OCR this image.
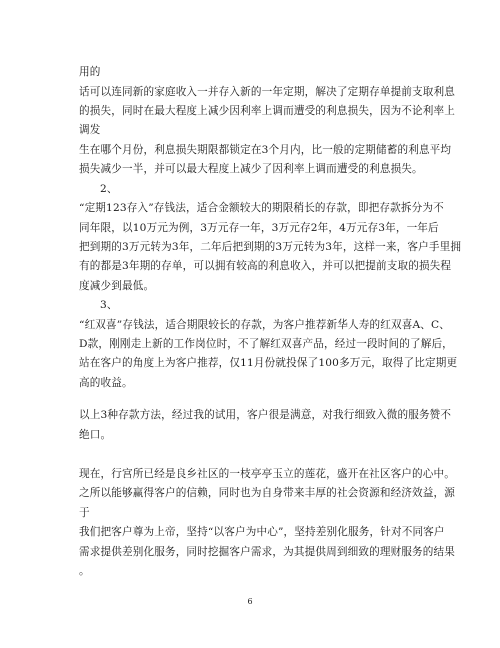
用的
话可以连同新的家庭收入一并存入新的一年定期，解决了定期存单提前支取利息
的损失，同时在最大程度上减少因利率上调而遭受的利息损失，因为不论利率上
调发
生在哪个月份，利息损失期限都锁定在3个月内，比一般的定期储蓄的利息平均
损失减少一半，并可以最大程度上减少了因利率上调而遭受的利息损失。
2、
“定期123存入”存钱法，适合金额较大的期限稍长的存款，即把存款拆分为不
同年限，以10万元为例，3万元存一年，3万元存2年，4万元存3年，一年后
把到期的3万元转为3年，二年后把到期的3万元转为3年，这样一来，客户手里拥
有的都是3年期的存单，可以拥有较高的利息收入，并可以把提前支取的损失程
度减少到最低。
3、
“红双喜”存钱法，适合期限较长的存款，为客户推荐新华人寿的红双喜A、C、
D款，刚刚走上新的工作岗位时，不了解红双喜产品，经过一段时间的了解后，
站在客户的角度上为客户推荐，仅11月份就投保了100多万元，取得了比定期更
高的收益。
以上3种存款方法，经过我的试用，客户很是满意，对我行细致入微的服务赞不
绝口。
现在，行宫所已经是良乡社区的一枝亭亭玉立的莲花，盛开在社区客户的心中。
之所以能够赢得客户的信赖，同时也为自身带来丰厚的社会资源和经济效益，源
于
我们把客户尊为上帝，坚持“以客户为中心”，坚持差别化服务，针对不同客户
需求提供差别化服务，同时挖掘客户需求，为其提供周到细致的理财服务的结果
。
6
